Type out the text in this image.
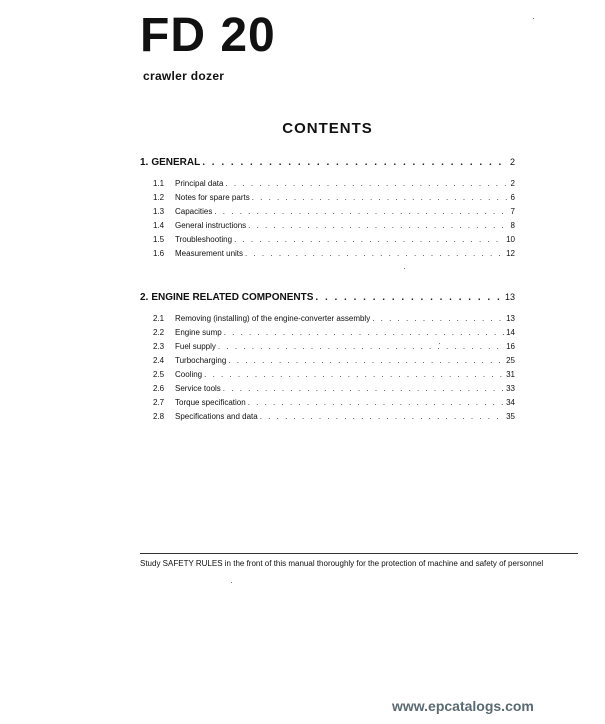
FD 20

crawler dozer

CONTENTS
1. GENERAL . . .	2
1.1	Principal data . . .	2
1.2	Notes for spare parts . . .	6
1.3	Capacities . . .	7
1.4	General instructions . . .	8
1.5	Troubleshooting . . .	10
1.6	Measurement units . . .	12
2. ENGINE RELATED COMPONENTS . . .	13
2.1	Removing (installing) of the engine-converter assembly . . .	13
2.2	Engine sump . . .	14
2.3	Fuel supply . . .	16
2.4	Turbocharging . . .	25
2.5	Cooling . . .	31
2.6	Service tools . . .	33
2.7	Torque specification . . .	34
2.8	Specifications and data . . .	35

Study SAFETY RULES in the front of this manual thoroughly for the protection of machine and safety of personnel

www.epcatalogs.com
